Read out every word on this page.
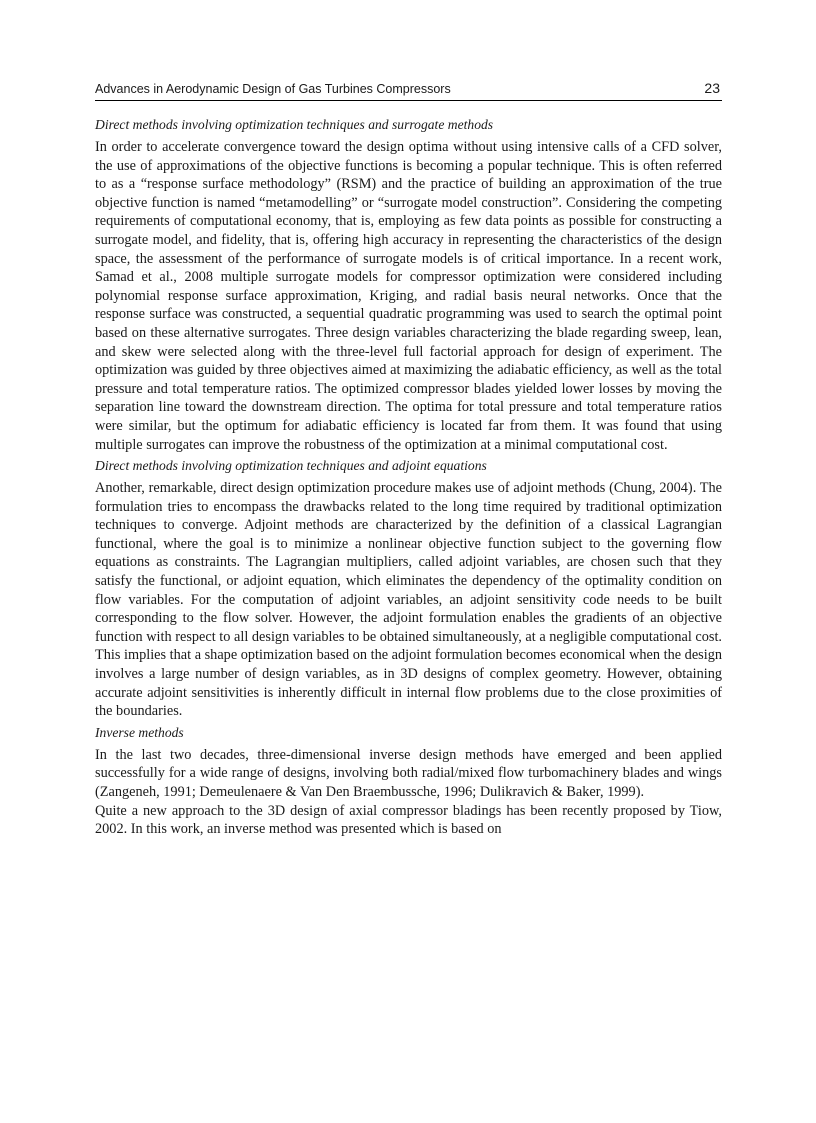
Advances in Aerodynamic Design of Gas Turbines Compressors	23

Direct methods involving optimization techniques and surrogate methods

In order to accelerate convergence toward the design optima without using intensive calls of a CFD solver, the use of approximations of the objective functions is becoming a popular technique. This is often referred to as a “response surface methodology” (RSM) and the practice of building an approximation of the true objective function is named “metamodelling” or “surrogate model construction”. Considering the competing requirements of computational economy, that is, employing as few data points as possible for constructing a surrogate model, and fidelity, that is, offering high accuracy in representing the characteristics of the design space, the assessment of the performance of surrogate models is of critical importance. In a recent work, Samad et al., 2008 multiple surrogate models for compressor optimization were considered including polynomial response surface approximation, Kriging, and radial basis neural networks. Once that the response surface was constructed, a sequential quadratic programming was used to search the optimal point based on these alternative surrogates. Three design variables characterizing the blade regarding sweep, lean, and skew were selected along with the three-level full factorial approach for design of experiment. The optimization was guided by three objectives aimed at maximizing the adiabatic efficiency, as well as the total pressure and total temperature ratios. The optimized compressor blades yielded lower losses by moving the separation line toward the downstream direction. The optima for total pressure and total temperature ratios were similar, but the optimum for adiabatic efficiency is located far from them. It was found that using multiple surrogates can improve the robustness of the optimization at a minimal computational cost.

Direct methods involving optimization techniques and adjoint equations

Another, remarkable, direct design optimization procedure makes use of adjoint methods (Chung, 2004). The formulation tries to encompass the drawbacks related to the long time required by traditional optimization techniques to converge. Adjoint methods are characterized by the definition of a classical Lagrangian functional, where the goal is to minimize a nonlinear objective function subject to the governing flow equations as constraints. The Lagrangian multipliers, called adjoint variables, are chosen such that they satisfy the functional, or adjoint equation, which eliminates the dependency of the optimality condition on flow variables. For the computation of adjoint variables, an adjoint sensitivity code needs to be built corresponding to the flow solver. However, the adjoint formulation enables the gradients of an objective function with respect to all design variables to be obtained simultaneously, at a negligible computational cost. This implies that a shape optimization based on the adjoint formulation becomes economical when the design involves a large number of design variables, as in 3D designs of complex geometry. However, obtaining accurate adjoint sensitivities is inherently difficult in internal flow problems due to the close proximities of the boundaries.

Inverse methods

In the last two decades, three-dimensional inverse design methods have emerged and been applied successfully for a wide range of designs, involving both radial/mixed flow turbomachinery blades and wings (Zangeneh, 1991; Demeulenaere & Van Den Braembussche, 1996; Dulikravich & Baker, 1999).

Quite a new approach to the 3D design of axial compressor bladings has been recently proposed by Tiow, 2002. In this work, an inverse method was presented which is based on
